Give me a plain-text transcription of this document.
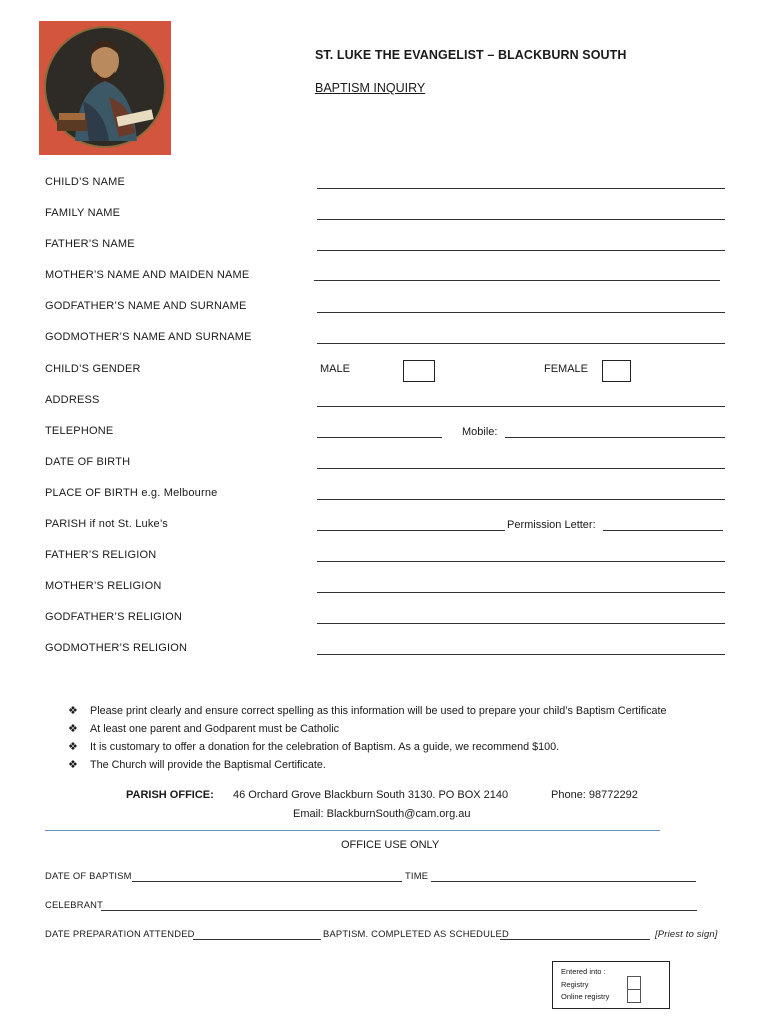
ST. LUKE THE EVANGELIST – BLACKBURN SOUTH
BAPTISM INQUIRY
CHILD’S NAME
FAMILY NAME
FATHER’S NAME
MOTHER’S NAME AND MAIDEN NAME
GODFATHER’S NAME AND SURNAME
GODMOTHER’S NAME AND SURNAME
CHILD’S GENDER	MALE	FEMALE
ADDRESS
TELEPHONE	Mobile:
DATE OF BIRTH
PLACE OF BIRTH e.g. Melbourne
PARISH if not St. Luke’s	Permission Letter:
FATHER’S RELIGION
MOTHER’S RELIGION
GODFATHER’S RELIGION
GODMOTHER’S RELIGION
❖ Please print clearly and ensure correct spelling as this information will be used to prepare your child’s Baptism Certificate
❖ At least one parent and Godparent must be Catholic
❖ It is customary to offer a donation for the celebration of Baptism. As a guide, we recommend $100.
❖ The Church will provide the Baptismal Certificate.
PARISH OFFICE: 46 Orchard Grove Blackburn South 3130. PO BOX 2140	Phone: 98772292
Email: BlackburnSouth@cam.org.au
OFFICE USE ONLY
DATE OF BAPTISM	TIME
CELEBRANT
DATE PREPARATION ATTENDED	BAPTISM. COMPLETED AS SCHEDULED	[Priest to sign]
Entered into :
Registry
Online registry
